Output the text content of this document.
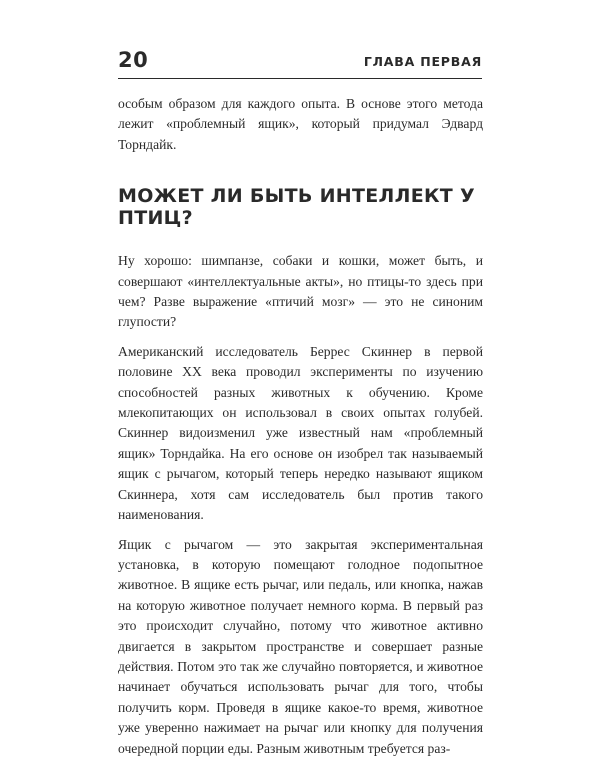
20	ГЛАВА ПЕРВАЯ

особым образом для каждого опыта. В основе этого метода лежит «проблемный ящик», который придумал Эдвард Торндайк.

МОЖЕТ ЛИ БЫТЬ ИНТЕЛЛЕКТ У ПТИЦ?

Ну хорошо: шимпанзе, собаки и кошки, может быть, и совершают «интеллектуальные акты», но птицы-то здесь при чем? Разве выражение «птичий мозг» — это не синоним глупости?

Американский исследователь Беррес Скиннер в первой половине XX века проводил эксперименты по изучению способностей разных животных к обучению. Кроме млекопитающих он использовал в своих опытах голубей. Скиннер видоизменил уже известный нам «проблемный ящик» Торндайка. На его основе он изобрел так называемый ящик с рычагом, который теперь нередко называют ящиком Скиннера, хотя сам исследователь был против такого наименования.

Ящик с рычагом — это закрытая экспериментальная установка, в которую помещают голодное подопытное животное. В ящике есть рычаг, или педаль, или кнопка, нажав на которую животное получает немного корма. В первый раз это происходит случайно, потому что животное активно двигается в закрытом пространстве и совершает разные действия. Потом это так же случайно повторяется, и животное начинает обучаться использовать рычаг для того, чтобы получить корм. Проведя в ящике какое-то время, животное уже уверенно нажимает на рычаг или кнопку для получения очередной порции еды. Разным животным требуется раз-
